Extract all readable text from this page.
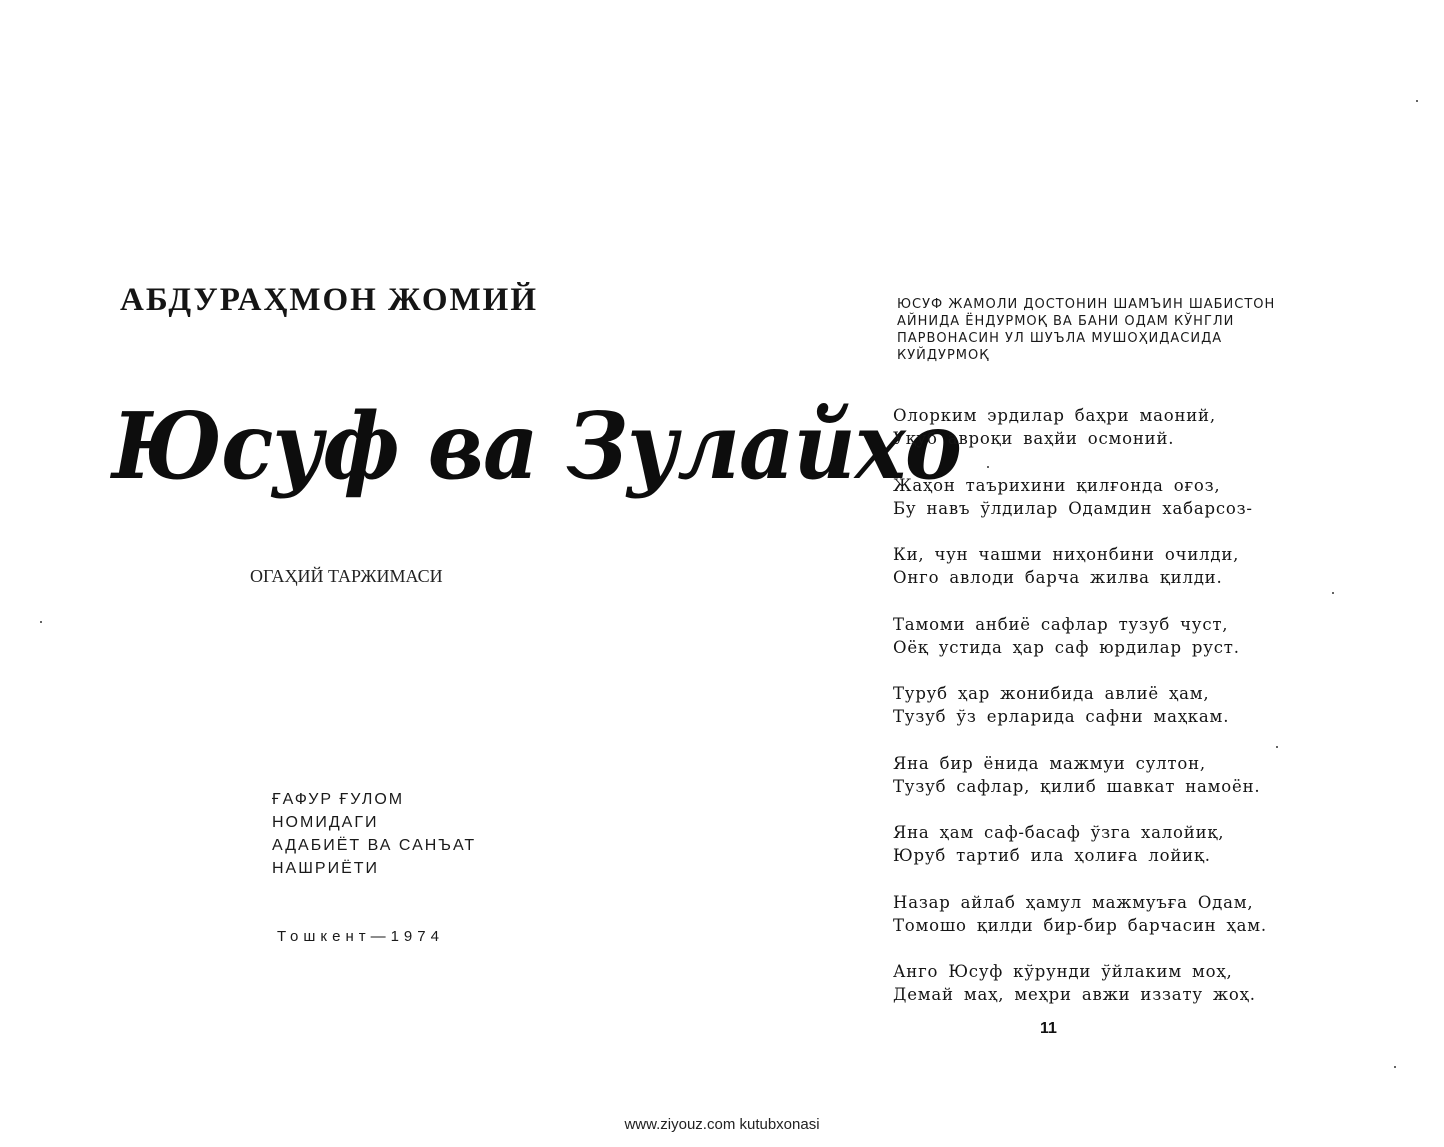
АБДУРАҲМОН ЖОМИЙ
Юсуф ва Зулайхо
ОГАҲИЙ ТАРЖИМАСИ
ҒАФУР ҒУЛОМ
НОМИДАГИ
АДАБИЁТ ВА САНЪАТ
НАШРИЁТИ
Тошкент—1974
ЮСУФ ЖАМОЛИ ДОСТОНИН ШАМЪИН ШАБИСТОН
АЙНИДА ЁНДУРМОҚ ВА БАНИ ОДАМ КЎНГЛИ
ПАРВОНАСИН УЛ ШУЪЛА МУШОҲИДАСИДА
КУЙДУРМОҚ
Олорким эрдилар баҳри маоний,
Уқуб авроқи ваҳйи осмоний.
Жаҳон таърихини қилғонда оғоз,
Бу навъ ўлдилар Одамдин хабарсоз-
Ки, чун чашми ниҳонбини очилди,
Онго авлоди барча жилва қилди.
Тамоми анбиё сафлар тузуб чуст,
Оёқ устида ҳар саф юрдилар руст.
Туруб ҳар жонибида авлиё ҳам,
Тузуб ўз ерларида сафни маҳкам.
Яна бир ёнида мажмуи султон,
Тузуб сафлар, қилиб шавкат намоён.
Яна ҳам саф-басаф ўзга халойиқ,
Юруб тартиб ила ҳолиға лойиқ.
Назар айлаб ҳамул мажмуъға Одам,
Томошо қилди бир-бир барчасин ҳам.
Анго Юсуф кўрунди ўйлаким моҳ,
Демай маҳ, меҳри авжи иззату жоҳ.
11
www.ziyouz.com kutubxonasi
